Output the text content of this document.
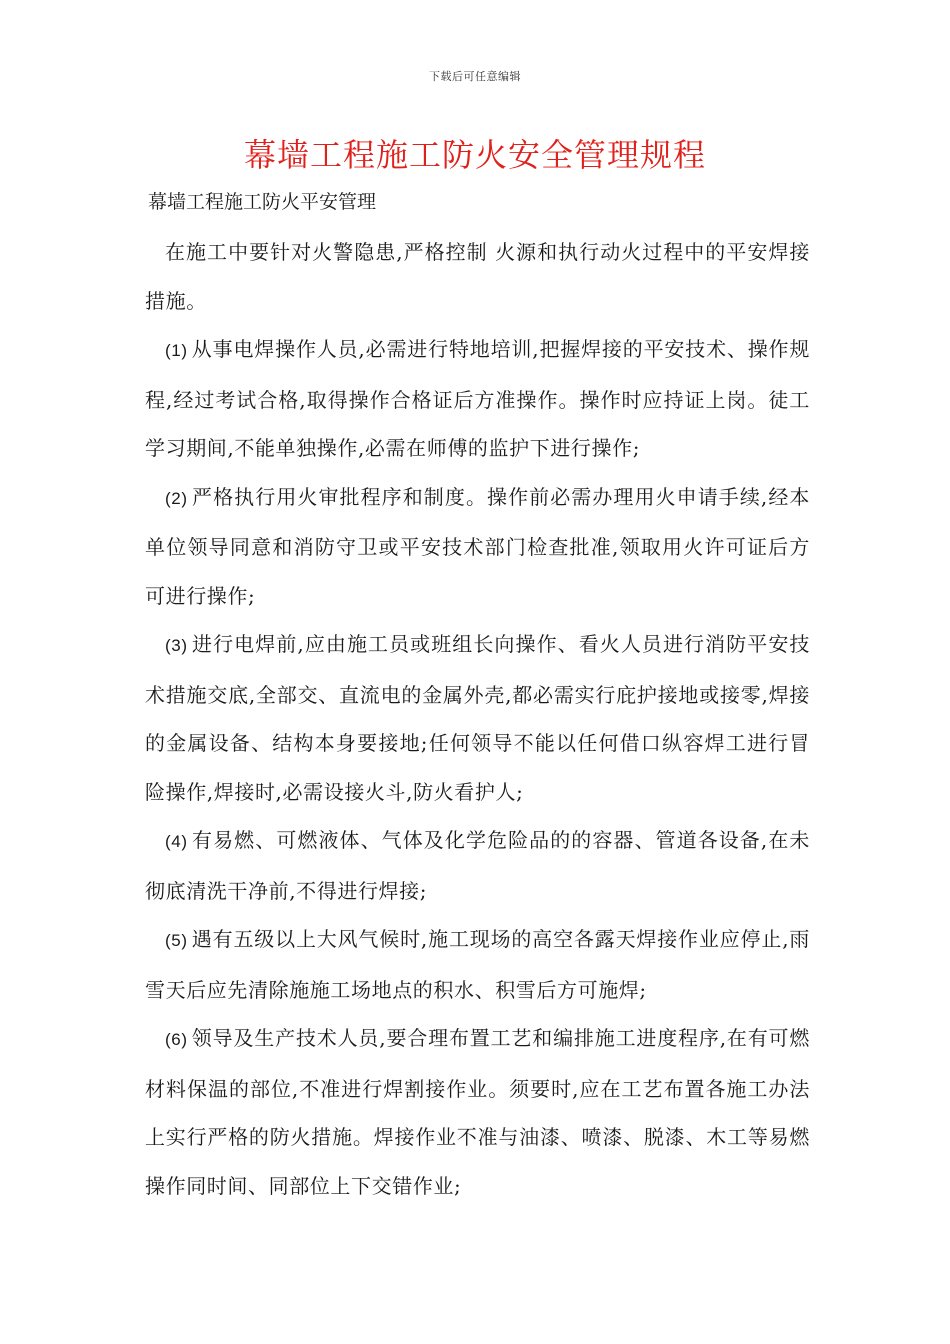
下载后可任意编辑
幕墙工程施工防火安全管理规程
幕墙工程施工防火平安管理

在施工中要针对火警隐患,严格控制 火源和执行动火过程中的平安焊接措施。

(1) 从事电焊操作人员,必需进行特地培训,把握焊接的平安技术、操作规程,经过考试合格,取得操作合格证后方准操作。操作时应持证上岗。徒工学习期间,不能单独操作,必需在师傅的监护下进行操作;

(2) 严格执行用火审批程序和制度。操作前必需办理用火申请手续,经本单位领导同意和消防守卫或平安技术部门检查批准,领取用火许可证后方可进行操作;

(3) 进行电焊前,应由施工员或班组长向操作、看火人员进行消防平安技术措施交底,全部交、直流电的金属外壳,都必需实行庇护接地或接零,焊接的金属设备、结构本身要接地;任何领导不能以任何借口纵容焊工进行冒险操作,焊接时,必需设接火斗,防火看护人;

(4) 有易燃、可燃液体、气体及化学危险品的的容器、管道各设备,在未彻底清洗干净前,不得进行焊接;

(5) 遇有五级以上大风气候时,施工现场的高空各露天焊接作业应停止,雨雪天后应先清除施施工场地点的积水、积雪后方可施焊;

(6) 领导及生产技术人员,要合理布置工艺和编排施工进度程序,在有可燃材料保温的部位,不准进行焊割接作业。须要时,应在工艺布置各施工办法上实行严格的防火措施。焊接作业不准与油漆、喷漆、脱漆、木工等易燃操作同时间、同部位上下交错作业;
